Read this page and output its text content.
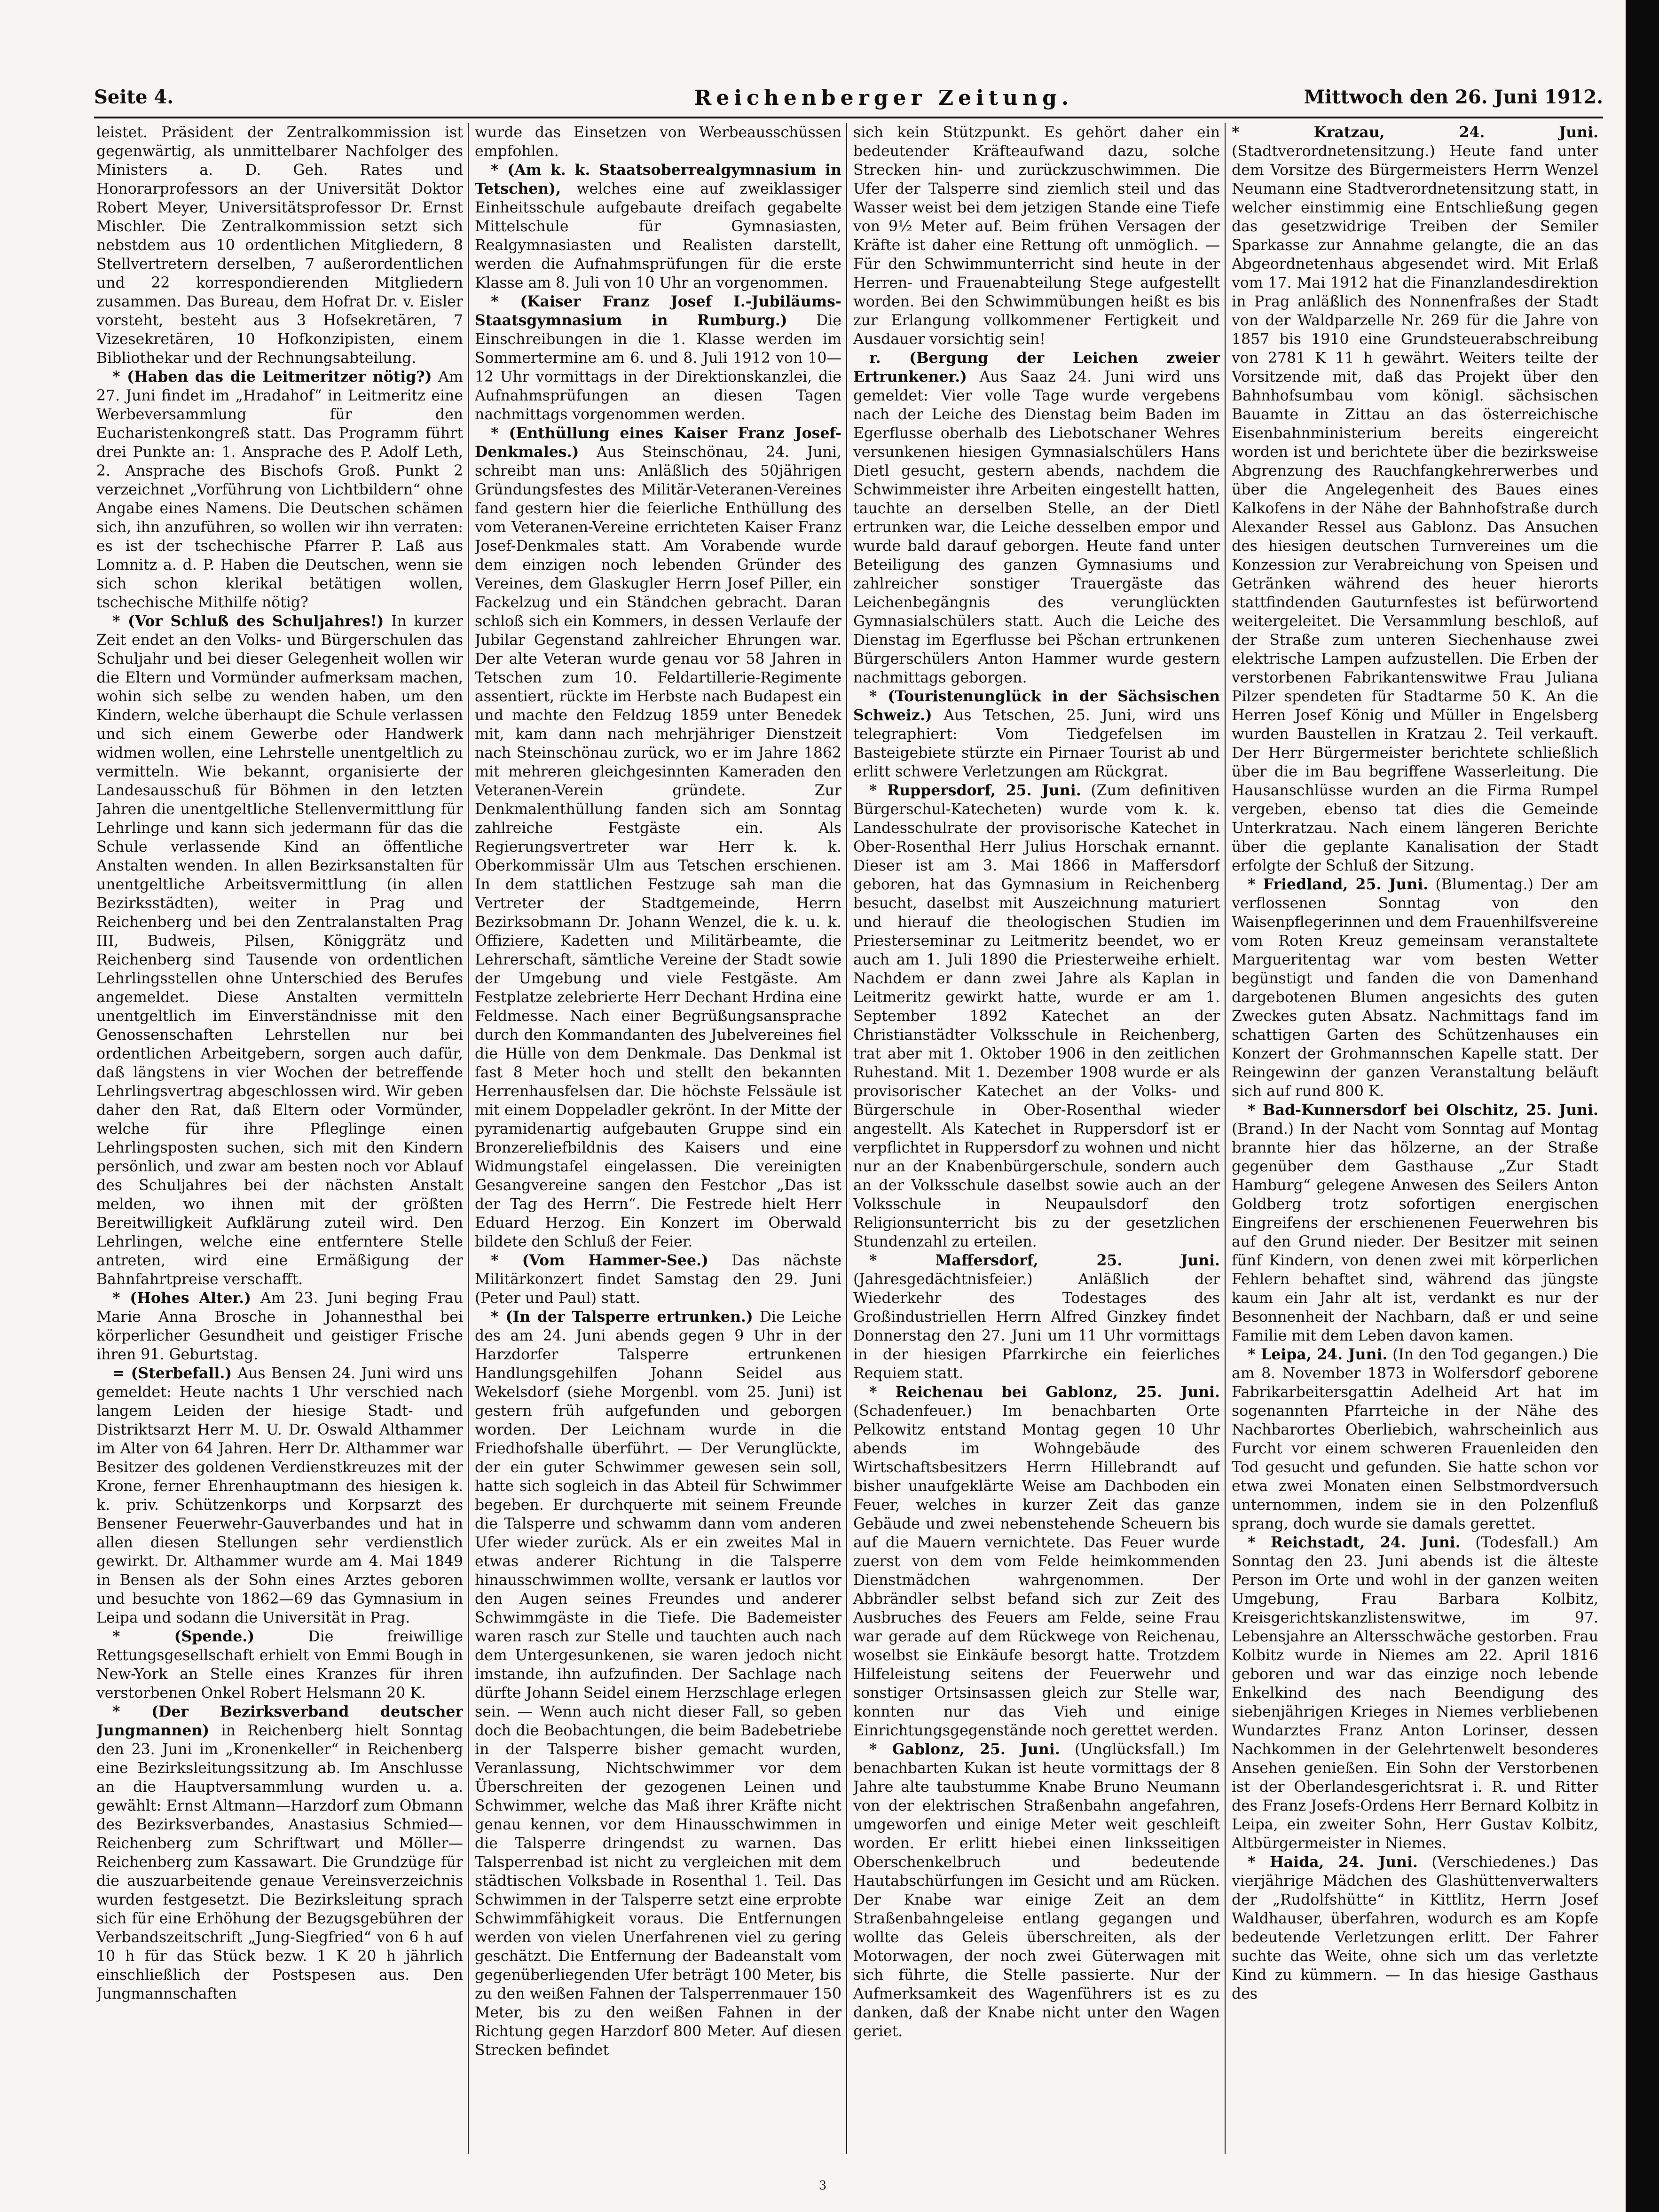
Seite 4.	Reichenberger Zeitung.	Mittwoch den 26. Juni 1912.

leistet. Präsident der Zentralkommission ist gegenwärtig, als unmittelbarer Nachfolger des Ministers a. D. Geh. Rates und Honorarprofessors an der Universität Doktor Robert Meyer, Universitätsprofessor Dr. Ernst Mischler. Die Zentralkommission setzt sich nebstdem aus 10 ordentlichen Mitgliedern, 8 Stellvertretern derselben, 7 außerordentlichen und 22 korrespondierenden Mitgliedern zusammen. Das Bureau, dem Hofrat Dr. v. Eisler vorsteht, besteht aus 3 Hofsekretären, 7 Vizesekretären, 10 Hofkonzipisten, einem Bibliothekar und der Rechnungsabteilung.

* (Haben das die Leitmeritzer nötig?) Am 27. Juni findet im „Hradahof“ in Leitmeritz eine Werbeversammlung für den Eucharistenkongreß statt. Das Programm führt drei Punkte an: 1. Ansprache des P. Adolf Leth, 2. Ansprache des Bischofs Groß. Punkt 2 verzeichnet „Vorführung von Lichtbildern“ ohne Angabe eines Namens. Die Deutschen schämen sich, ihn anzuführen, so wollen wir ihn verraten: es ist der tschechische Pfarrer P. Laß aus Lomnitz a. d. P. Haben die Deutschen, wenn sie sich schon klerikal betätigen wollen, tschechische Mithilfe nötig?

* (Vor Schluß des Schuljahres!) In kurzer Zeit endet an den Volks- und Bürgerschulen das Schuljahr und bei dieser Gelegenheit wollen wir die Eltern und Vormünder aufmerksam machen, wohin sich selbe zu wenden haben, um den Kindern, welche überhaupt die Schule verlassen und sich einem Gewerbe oder Handwerk widmen wollen, eine Lehrstelle unentgeltlich zu vermitteln. Wie bekannt, organisierte der Landesausschuß für Böhmen in den letzten Jahren die unentgeltliche Stellenvermittlung für Lehrlinge und kann sich jedermann für das die Schule verlassende Kind an öffentliche Anstalten wenden. In allen Bezirksanstalten für unentgeltliche Arbeitsvermittlung (in allen Bezirksstädten), weiter in Prag und Reichenberg und bei den Zentralanstalten Prag III, Budweis, Pilsen, Königgrätz und Reichenberg sind Tausende von ordentlichen Lehrlingsstellen ohne Unterschied des Berufes angemeldet. Diese Anstalten vermitteln unentgeltlich im Einverständnisse mit den Genossenschaften Lehrstellen nur bei ordentlichen Arbeitgebern, sorgen auch dafür, daß längstens in vier Wochen der betreffende Lehrlingsvertrag abgeschlossen wird. Wir geben daher den Rat, daß Eltern oder Vormünder, welche für ihre Pfleglinge einen Lehrlingsposten suchen, sich mit den Kindern persönlich, und zwar am besten noch vor Ablauf des Schuljahres bei der nächsten Anstalt melden, wo ihnen mit der größten Bereitwilligkeit Aufklärung zuteil wird. Den Lehrlingen, welche eine entferntere Stelle antreten, wird eine Ermäßigung der Bahnfahrtpreise verschafft.

* (Hohes Alter.) Am 23. Juni beging Frau Marie Anna Brosche in Johannesthal bei körperlicher Gesundheit und geistiger Frische ihren 91. Geburtstag.

= (Sterbefall.) Aus Bensen 24. Juni wird uns gemeldet: Heute nachts 1 Uhr verschied nach langem Leiden der hiesige Stadt- und Distriktsarzt Herr M. U. Dr. Oswald Althammer im Alter von 64 Jahren. Herr Dr. Althammer war Besitzer des goldenen Verdienstkreuzes mit der Krone, ferner Ehrenhauptmann des hiesigen k. k. priv. Schützenkorps und Korpsarzt des Bensener Feuerwehr-Gauverbandes und hat in allen diesen Stellungen sehr verdienstlich gewirkt. Dr. Althammer wurde am 4. Mai 1849 in Bensen als der Sohn eines Arztes geboren und besuchte von 1862—69 das Gymnasium in Leipa und sodann die Universität in Prag.

* (Spende.)	Die freiwillige Rettungsgesellschaft erhielt von Emmi Bough in New-York an Stelle eines Kranzes für ihren verstorbenen Onkel Robert Helsmann 20 K.

* (Der Bezirksverband deutscher Jungmannen) in Reichenberg hielt Sonntag den 23. Juni im „Kronenkeller“ in Reichenberg eine Bezirksleitungssitzung ab. Im Anschlusse an die Hauptversammlung wurden u. a. gewählt: Ernst Altmann—Harzdorf zum Obmann des Bezirksverbandes, Anastasius Schmied—Reichenberg zum Schriftwart und Möller—Reichenberg zum Kassawart. Die Grundzüge für die auszuarbeitende genaue Vereinsverzeichnis wurden festgesetzt. Die Bezirksleitung sprach sich für eine Erhöhung der Bezugsgebühren der Verbandszeitschrift „Jung-Siegfried“ von 6 h auf 10 h für das Stück bezw. 1 K 20 h jährlich einschließlich der Postspesen aus. Den Jungmannschaften

wurde das Einsetzen von Werbeausschüssen empfohlen.

* (Am k. k. Staatsoberrealgymnasium in Tetschen), welches eine auf zweiklassiger Einheitsschule aufgebaute dreifach gegabelte Mittelschule für Gymnasiasten, Realgymnasiasten und Realisten darstellt, werden die Aufnahmsprüfungen für die erste Klasse am 8. Juli von 10 Uhr an vorgenommen.

* (Kaiser Franz Josef I.-Jubiläums-Staatsgymnasium in Rumburg.) Die Einschreibungen in die 1. Klasse werden im Sommertermine am 6. und 8. Juli 1912 von 10—12 Uhr vormittags in der Direktionskanzlei, die Aufnahmsprüfungen an diesen Tagen nachmittags vorgenommen werden.

* (Enthüllung eines Kaiser Franz Josef-Denkmales.) Aus Steinschönau, 24. Juni, schreibt man uns: Anläßlich des 50jährigen Gründungsfestes des Militär-Veteranen-Vereines fand gestern hier die feierliche Enthüllung des vom Veteranen-Vereine errichteten Kaiser Franz Josef-Denkmales statt. Am Vorabende wurde dem einzigen noch lebenden Gründer des Vereines, dem Glaskugler Herrn Josef Piller, ein Fackelzug und ein Ständchen gebracht. Daran schloß sich ein Kommers, in dessen Verlaufe der Jubilar Gegenstand zahlreicher Ehrungen war. Der alte Veteran wurde genau vor 58 Jahren in Tetschen zum 10. Feldartillerie-Regimente assentiert, rückte im Herbste nach Budapest ein und machte den Feldzug 1859 unter Benedek mit, kam dann nach mehrjähriger Dienstzeit nach Steinschönau zurück, wo er im Jahre 1862 mit mehreren gleichgesinnten Kameraden den Veteranen-Verein gründete. Zur Denkmalenthüllung fanden sich am Sonntag zahlreiche Festgäste ein. Als Regierungsvertreter war Herr k. k. Oberkommissär Ulm aus Tetschen erschienen. In dem stattlichen Festzuge sah man die Vertreter der Stadtgemeinde, Herrn Bezirksobmann Dr. Johann Wenzel, die k. u. k. Offiziere, Kadetten und Militärbeamte, die Lehrerschaft, sämtliche Vereine der Stadt sowie der Umgebung und viele Festgäste. Am Festplatze zelebrierte Herr Dechant Hrdina eine Feldmesse. Nach einer Begrüßungsansprache durch den Kommandanten des Jubelvereines fiel die Hülle von dem Denkmale. Das Denkmal ist fast 8 Meter hoch und stellt den bekannten Herrenhausfelsen dar. Die höchste Felssäule ist mit einem Doppeladler gekrönt. In der Mitte der pyramidenartig aufgebauten Gruppe sind ein Bronzereliefbildnis des Kaisers und eine Widmungstafel eingelassen. Die vereinigten Gesangvereine sangen den Festchor „Das ist der Tag des Herrn“. Die Festrede hielt Herr Eduard Herzog. Ein Konzert im Oberwald bildete den Schluß der Feier.

* (Vom Hammer-See.) Das nächste Militärkonzert findet Samstag den 29. Juni (Peter und Paul) statt.

* (In der Talsperre ertrunken.) Die Leiche des am 24. Juni abends gegen 9 Uhr in der Harzdorfer Talsperre ertrunkenen Handlungsgehilfen Johann Seidel aus Wekelsdorf (siehe Morgenbl. vom 25. Juni) ist gestern früh aufgefunden und geborgen worden. Der Leichnam wurde in die Friedhofshalle überführt. — Der Verunglückte, der ein guter Schwimmer gewesen sein soll, hatte sich sogleich in das Abteil für Schwimmer begeben. Er durchquerte mit seinem Freunde die Talsperre und schwamm dann vom anderen Ufer wieder zurück. Als er ein zweites Mal in etwas anderer Richtung in die Talsperre hinausschwimmen wollte, versank er lautlos vor den Augen seines Freundes und anderer Schwimmgäste in die Tiefe. Die Bademeister waren rasch zur Stelle und tauchten auch nach dem Untergesunkenen, sie waren jedoch nicht imstande, ihn aufzufinden. Der Sachlage nach dürfte Johann Seidel einem Herzschlage erlegen sein. — Wenn auch nicht dieser Fall, so geben doch die Beobachtungen, die beim Badebetriebe in der Talsperre bisher gemacht wurden, Veranlassung, Nichtschwimmer vor dem Überschreiten der gezogenen Leinen und Schwimmer, welche das Maß ihrer Kräfte nicht genau kennen, vor dem Hinausschwimmen in die Talsperre dringendst zu warnen. Das Talsperrenbad ist nicht zu vergleichen mit dem städtischen Volksbade in Rosenthal 1. Teil. Das Schwimmen in der Talsperre setzt eine erprobte Schwimmfähigkeit voraus. Die Entfernungen werden von vielen Unerfahrenen viel zu gering geschätzt. Die Entfernung der Badeanstalt vom gegenüberliegenden Ufer beträgt 100 Meter, bis zu den weißen Fahnen der Talsperrenmauer 150 Meter, bis zu den weißen Fahnen in der Richtung gegen Harzdorf 800 Meter. Auf diesen Strecken befindet

sich kein Stützpunkt. Es gehört daher ein bedeutender Kräfteaufwand dazu, solche Strecken hin- und zurückzuschwimmen. Die Ufer der Talsperre sind ziemlich steil und das Wasser weist bei dem jetzigen Stande eine Tiefe von 9½ Meter auf. Beim frühen Versagen der Kräfte ist daher eine Rettung oft unmöglich. — Für den Schwimmunterricht sind heute in der Herren- und Frauenabteilung Stege aufgestellt worden. Bei den Schwimmübungen heißt es bis zur Erlangung vollkommener Fertigkeit und Ausdauer vorsichtig sein!

r. (Bergung der Leichen zweier Ertrunkener.) Aus Saaz 24. Juni wird uns gemeldet: Vier volle Tage wurde vergebens nach der Leiche des Dienstag beim Baden im Egerflusse oberhalb des Liebotschaner Wehres versunkenen hiesigen Gymnasialschülers Hans Dietl gesucht, gestern abends, nachdem die Schwimmeister ihre Arbeiten eingestellt hatten, tauchte an derselben Stelle, an der Dietl ertrunken war, die Leiche desselben empor und wurde bald darauf geborgen. Heute fand unter Beteiligung des ganzen Gymnasiums und zahlreicher sonstiger Trauergäste das Leichenbegängnis des verunglückten Gymnasialschülers statt. Auch die Leiche des Dienstag im Egerflusse bei Pšchan ertrunkenen Bürgerschülers Anton Hammer wurde gestern nachmittags geborgen.

* (Touristenunglück in der Sächsischen Schweiz.) Aus Tetschen, 25. Juni, wird uns telegraphiert: Vom Tiedgefelsen im Basteigebiete stürzte ein Pirnaer Tourist ab und erlitt schwere Verletzungen am Rückgrat.

* Ruppersdorf, 25. Juni. (Zum definitiven Bürgerschul-Katecheten) wurde vom k. k. Landesschulrate der provisorische Katechet in Ober-Rosenthal Herr Julius Horschak ernannt. Dieser ist am 3. Mai 1866 in Maffersdorf geboren, hat das Gymnasium in Reichenberg besucht, daselbst mit Auszeichnung maturiert und hierauf die theologischen Studien im Priesterseminar zu Leitmeritz beendet, wo er auch am 1. Juli 1890 die Priesterweihe erhielt. Nachdem er dann zwei Jahre als Kaplan in Leitmeritz gewirkt hatte, wurde er am 1. September 1892 Katechet an der Christianstädter Volksschule in Reichenberg, trat aber mit 1. Oktober 1906 in den zeitlichen Ruhestand. Mit 1. Dezember 1908 wurde er als provisorischer Katechet an der Volks- und Bürgerschule in Ober-Rosenthal wieder angestellt. Als Katechet in Ruppersdorf ist er verpflichtet in Ruppersdorf zu wohnen und nicht nur an der Knabenbürgerschule, sondern auch an der Volksschule daselbst sowie auch an der Volksschule in Neupaulsdorf den Religionsunterricht bis zu der gesetzlichen Stundenzahl zu erteilen.

* Maffersdorf, 25. Juni. (Jahresgedächtnisfeier.) Anläßlich der Wiederkehr des Todestages des Großindustriellen Herrn Alfred Ginzkey findet Donnerstag den 27. Juni um 11 Uhr vormittags in der hiesigen Pfarrkirche ein feierliches Requiem statt.

* Reichenau bei Gablonz, 25. Juni. (Schadenfeuer.) Im benachbarten Orte Pelkowitz entstand Montag gegen 10 Uhr abends im Wohngebäude des Wirtschaftsbesitzers Herrn Hillebrandt auf bisher unaufgeklärte Weise am Dachboden ein Feuer, welches in kurzer Zeit das ganze Gebäude und zwei nebenstehende Scheuern bis auf die Mauern vernichtete. Das Feuer wurde zuerst von dem vom Felde heimkommenden Dienstmädchen wahrgenommen. Der Abbrändler selbst befand sich zur Zeit des Ausbruches des Feuers am Felde, seine Frau war gerade auf dem Rückwege von Reichenau, woselbst sie Einkäufe besorgt hatte. Trotzdem Hilfeleistung seitens der Feuerwehr und sonstiger Ortsinsassen gleich zur Stelle war, konnten nur das Vieh und einige Einrichtungsgegenstände noch gerettet werden.

* Gablonz, 25. Juni. (Unglücksfall.) Im benachbarten Kukan ist heute vormittags der 8 Jahre alte taubstumme Knabe Bruno Neumann von der elektrischen Straßenbahn angefahren, umgeworfen und einige Meter weit geschleift worden. Er erlitt hiebei einen linksseitigen Oberschenkelbruch und bedeutende Hautabschürfungen im Gesicht und am Rücken. Der Knabe war einige Zeit an dem Straßenbahngeleise entlang gegangen und wollte das Geleis überschreiten, als der Motorwagen, der noch zwei Güterwagen mit sich führte, die Stelle passierte. Nur der Aufmerksamkeit des Wagenführers ist es zu danken, daß der Knabe nicht unter den Wagen geriet.

* Kratzau, 24. Juni. (Stadtverordnetensitzung.) Heute fand unter dem Vorsitze des Bürgermeisters Herrn Wenzel Neumann eine Stadtverordnetensitzung statt, in welcher einstimmig eine Entschließung gegen das gesetzwidrige Treiben der Semiler Sparkasse zur Annahme gelangte, die an das Abgeordnetenhaus abgesendet wird. Mit Erlaß vom 17. Mai 1912 hat die Finanzlandesdirektion in Prag anläßlich des Nonnenfraßes der Stadt von der Waldparzelle Nr. 269 für die Jahre von 1857 bis 1910 eine Grundsteuerabschreibung von 2781 K 11 h gewährt. Weiters teilte der Vorsitzende mit, daß das Projekt über den Bahnhofsumbau vom königl. sächsischen Bauamte in Zittau an das österreichische Eisenbahnministerium bereits eingereicht worden ist und berichtete über die bezirksweise Abgrenzung des Rauchfangkehrerwerbes und über die Angelegenheit des Baues eines Kalkofens in der Nähe der Bahnhofstraße durch Alexander Ressel aus Gablonz. Das Ansuchen des hiesigen deutschen Turnvereines um die Konzession zur Verabreichung von Speisen und Getränken während des heuer hierorts stattfindenden Gauturnfestes ist befürwortend weitergeleitet. Die Versammlung beschloß, auf der Straße zum unteren Siechenhause zwei elektrische Lampen aufzustellen. Die Erben der verstorbenen Fabrikantenswitwe Frau Juliana Pilzer spendeten für Stadtarme 50 K. An die Herren Josef König und Müller in Engelsberg wurden Baustellen in Kratzau 2. Teil verkauft. Der Herr Bürgermeister berichtete schließlich über die im Bau begriffene Wasserleitung. Die Hausanschlüsse wurden an die Firma Rumpel vergeben, ebenso tat dies die Gemeinde Unterkratzau. Nach einem längeren Berichte über die geplante Kanalisation der Stadt erfolgte der Schluß der Sitzung.

* Friedland, 25. Juni. (Blumentag.) Der am verflossenen Sonntag von den Waisenpflegerinnen und dem Frauenhilfsvereine vom Roten Kreuz gemeinsam veranstaltete Margueritentag war vom besten Wetter begünstigt und fanden die von Damenhand dargebotenen Blumen angesichts des guten Zweckes guten Absatz. Nachmittags fand im schattigen Garten des Schützenhauses ein Konzert der Grohmannschen Kapelle statt. Der Reingewinn der ganzen Veranstaltung beläuft sich auf rund 800 K.

* Bad-Kunnersdorf bei Olschitz, 25. Juni. (Brand.) In der Nacht vom Sonntag auf Montag brannte hier das hölzerne, an der Straße gegenüber dem Gasthause „Zur Stadt Hamburg“ gelegene Anwesen des Seilers Anton Goldberg trotz sofortigen energischen Eingreifens der erschienenen Feuerwehren bis auf den Grund nieder. Der Besitzer mit seinen fünf Kindern, von denen zwei mit körperlichen Fehlern behaftet sind, während das jüngste kaum ein Jahr alt ist, verdankt es nur der Besonnenheit der Nachbarn, daß er und seine Familie mit dem Leben davon kamen.

* Leipa, 24. Juni. (In den Tod gegangen.) Die am 8. November 1873 in Wolfersdorf geborene Fabrikarbeitersgattin Adelheid Art hat im sogenannten Pfarrteiche in der Nähe des Nachbarortes Oberliebich, wahrscheinlich aus Furcht vor einem schweren Frauenleiden den Tod gesucht und gefunden. Sie hatte schon vor etwa zwei Monaten einen Selbstmordversuch unternommen, indem sie in den Polzenfluß sprang, doch wurde sie damals gerettet.

* Reichstadt, 24. Juni. (Todesfall.) Am Sonntag den 23. Juni abends ist die älteste Person im Orte und wohl in der ganzen weiten Umgebung, Frau Barbara Kolbitz, Kreisgerichtskanzlistenswitwe, im 97. Lebensjahre an Altersschwäche gestorben. Frau Kolbitz wurde in Niemes am 22. April 1816 geboren und war das einzige noch lebende Enkelkind des nach Beendigung des siebenjährigen Krieges in Niemes verbliebenen Wundarztes Franz Anton Lorinser, dessen Nachkommen in der Gelehrtenwelt besonderes Ansehen genießen. Ein Sohn der Verstorbenen ist der Oberlandesgerichtsrat i. R. und Ritter des Franz Josefs-Ordens Herr Bernard Kolbitz in Leipa, ein zweiter Sohn, Herr Gustav Kolbitz, Altbürgermeister in Niemes.

* Haida, 24. Juni. (Verschiedenes.) Das vierjährige Mädchen des Glashüttenverwalters der „Rudolfshütte“ in Kittlitz, Herrn Josef Waldhauser, überfahren, wodurch es am Kopfe bedeutende Verletzungen erlitt. Der Fahrer suchte das Weite, ohne sich um das verletzte Kind zu kümmern. — In das hiesige Gasthaus des

3
